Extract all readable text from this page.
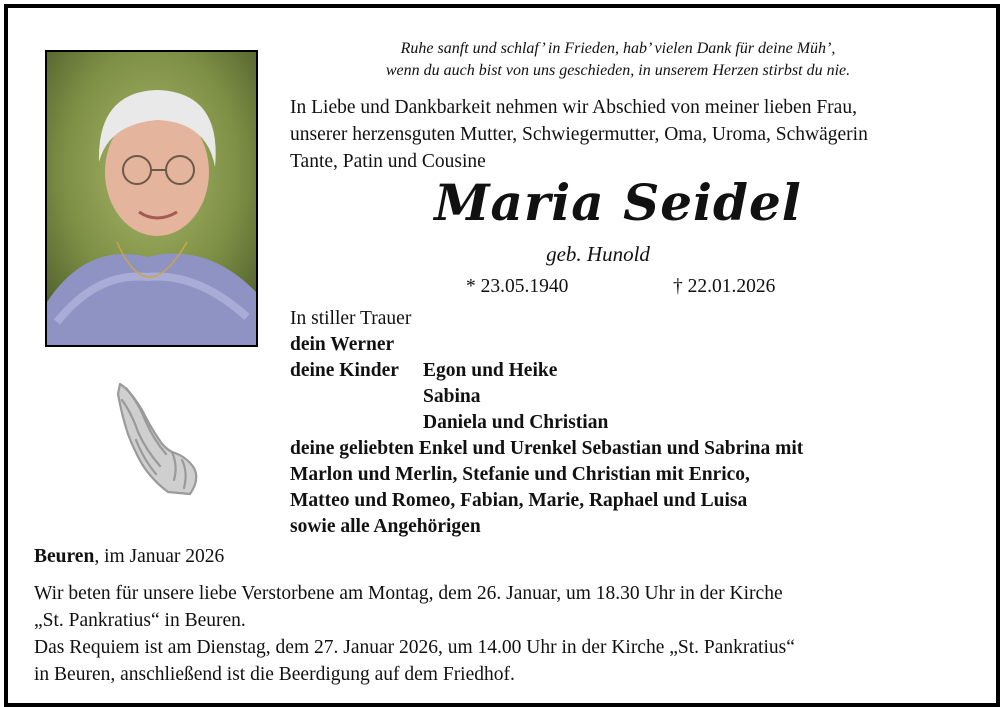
Ruhe sanft und schlaf’ in Frieden, hab’ vielen Dank für deine Müh’,
wenn du auch bist von uns geschieden, in unserem Herzen stirbst du nie.
In Liebe und Dankbarkeit nehmen wir Abschied von meiner lieben Frau,
unserer herzensguten Mutter, Schwiegermutter, Oma, Uroma, Schwägerin
Tante, Patin und Cousine
Maria Seidel
geb. Hunold
* 23.05.1940	† 22.01.2026
In stiller Trauer
dein Werner
deine Kinder	Egon und Heike
Sabina
Daniela und Christian
deine geliebten Enkel und Urenkel Sebastian und Sabrina mit
Marlon und Merlin, Stefanie und Christian mit Enrico,
Matteo und Romeo, Fabian, Marie, Raphael und Luisa
sowie alle Angehörigen
Beuren, im Januar 2026
Wir beten für unsere liebe Verstorbene am Montag, dem 26. Januar, um 18.30 Uhr in der Kirche
„St. Pankratius“ in Beuren.
Das Requiem ist am Dienstag, dem 27. Januar 2026, um 14.00 Uhr in der Kirche „St. Pankratius“
in Beuren, anschließend ist die Beerdigung auf dem Friedhof.
